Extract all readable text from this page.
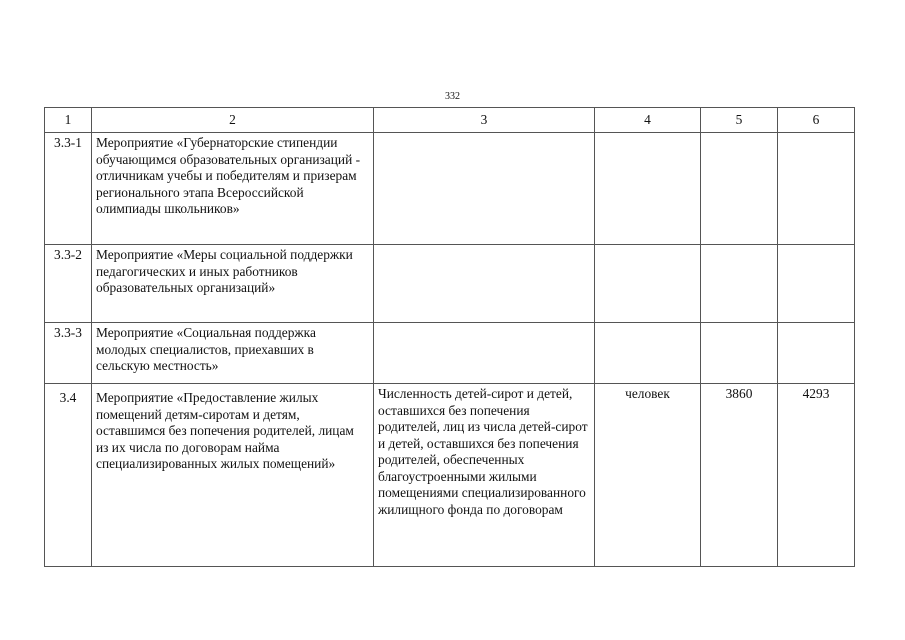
332
1	2	3	4	5	6
3.3-1	Мероприятие «Губернаторские стипендии обучающимся образовательных организаций - отличникам учебы и победителям и призерам регионального этапа Всероссийской олимпиады школьников»				
3.3-2	Мероприятие «Меры социальной поддержки педагогических и иных работников образовательных организаций»				
3.3-3	Мероприятие «Социальная поддержка молодых специалистов, приехавших в сельскую местность»				
3.4	Мероприятие «Предоставление жилых помещений детям-сиротам и детям, оставшимся без попечения родителей, лицам из их числа по договорам найма специализированных жилых помещений»	Численность детей-сирот и детей, оставшихся без попечения родителей, лиц из числа детей-сирот и детей, оставшихся без попечения родителей, обеспеченных благоустроенными жилыми помещениями специализированного жилищного фонда по договорам	человек	3860	4293
